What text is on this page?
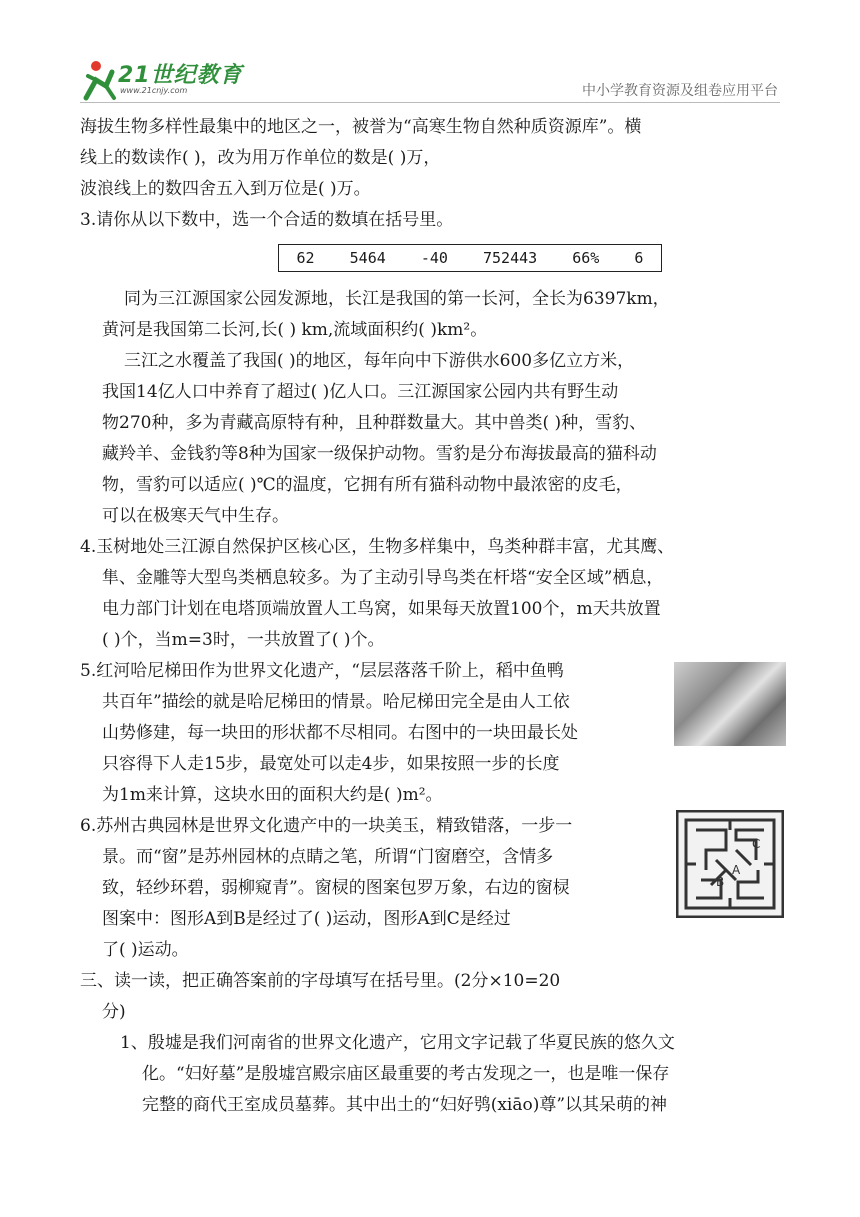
21世纪教育
www.21cnjy.com	中小学教育资源及组卷应用平台

海拔生物多样性最集中的地区之一，被誉为“高寒生物自然种质资源库”。横

线上的数读作( )，改为用万作单位的数是( )万，

波浪线上的数四舍五入到万位是( )万。

3.请你从以下数中，选一个合适的数填在括号里。

62 5464 -40 752443 66% 6

同为三江源国家公园发源地，长江是我国的第一长河，全长为6397km，

黄河是我国第二长河,长( ) km,流域面积约( )km²。

三江之水覆盖了我国( )的地区，每年向中下游供水600多亿立方米，

我国14亿人口中养育了超过( )亿人口。三江源国家公园内共有野生动

物270种，多为青藏高原特有种，且种群数量大。其中兽类( )种，雪豹、

藏羚羊、金钱豹等8种为国家一级保护动物。雪豹是分布海拔最高的猫科动

物，雪豹可以适应( )℃的温度，它拥有所有猫科动物中最浓密的皮毛，

可以在极寒天气中生存。

4.玉树地处三江源自然保护区核心区，生物多样集中，鸟类种群丰富，尤其鹰、

隼、金雕等大型鸟类栖息较多。为了主动引导鸟类在杆塔“安全区域”栖息，

电力部门计划在电塔顶端放置人工鸟窝，如果每天放置100个，m天共放置

( )个，当m=3时，一共放置了( )个。

5.红河哈尼梯田作为世界文化遗产，“层层落落千阶上，稻中鱼鸭

共百年”描绘的就是哈尼梯田的情景。哈尼梯田完全是由人工依

山势修建，每一块田的形状都不尽相同。右图中的一块田最长处

只容得下人走15步，最宽处可以走4步，如果按照一步的长度

为1m来计算，这块水田的面积大约是( )m²。

6.苏州古典园林是世界文化遗产中的一块美玉，精致错落，一步一

景。而“窗”是苏州园林的点睛之笔，所谓“门窗磨空，含情多

致，轻纱环碧，弱柳窥青”。窗棂的图案包罗万象，右边的窗棂

图案中：图形A到B是经过了( )运动，图形A到C是经过

了( )运动。

C
A
B

三、读一读，把正确答案前的字母填写在括号里。(2分×10=20

分)

1、殷墟是我们河南省的世界文化遗产，它用文字记载了华夏民族的悠久文

化。“妇好墓”是殷墟宫殿宗庙区最重要的考古发现之一，也是唯一保存

完整的商代王室成员墓葬。其中出土的“妇好鸮(xiāo)尊”以其呆萌的神
